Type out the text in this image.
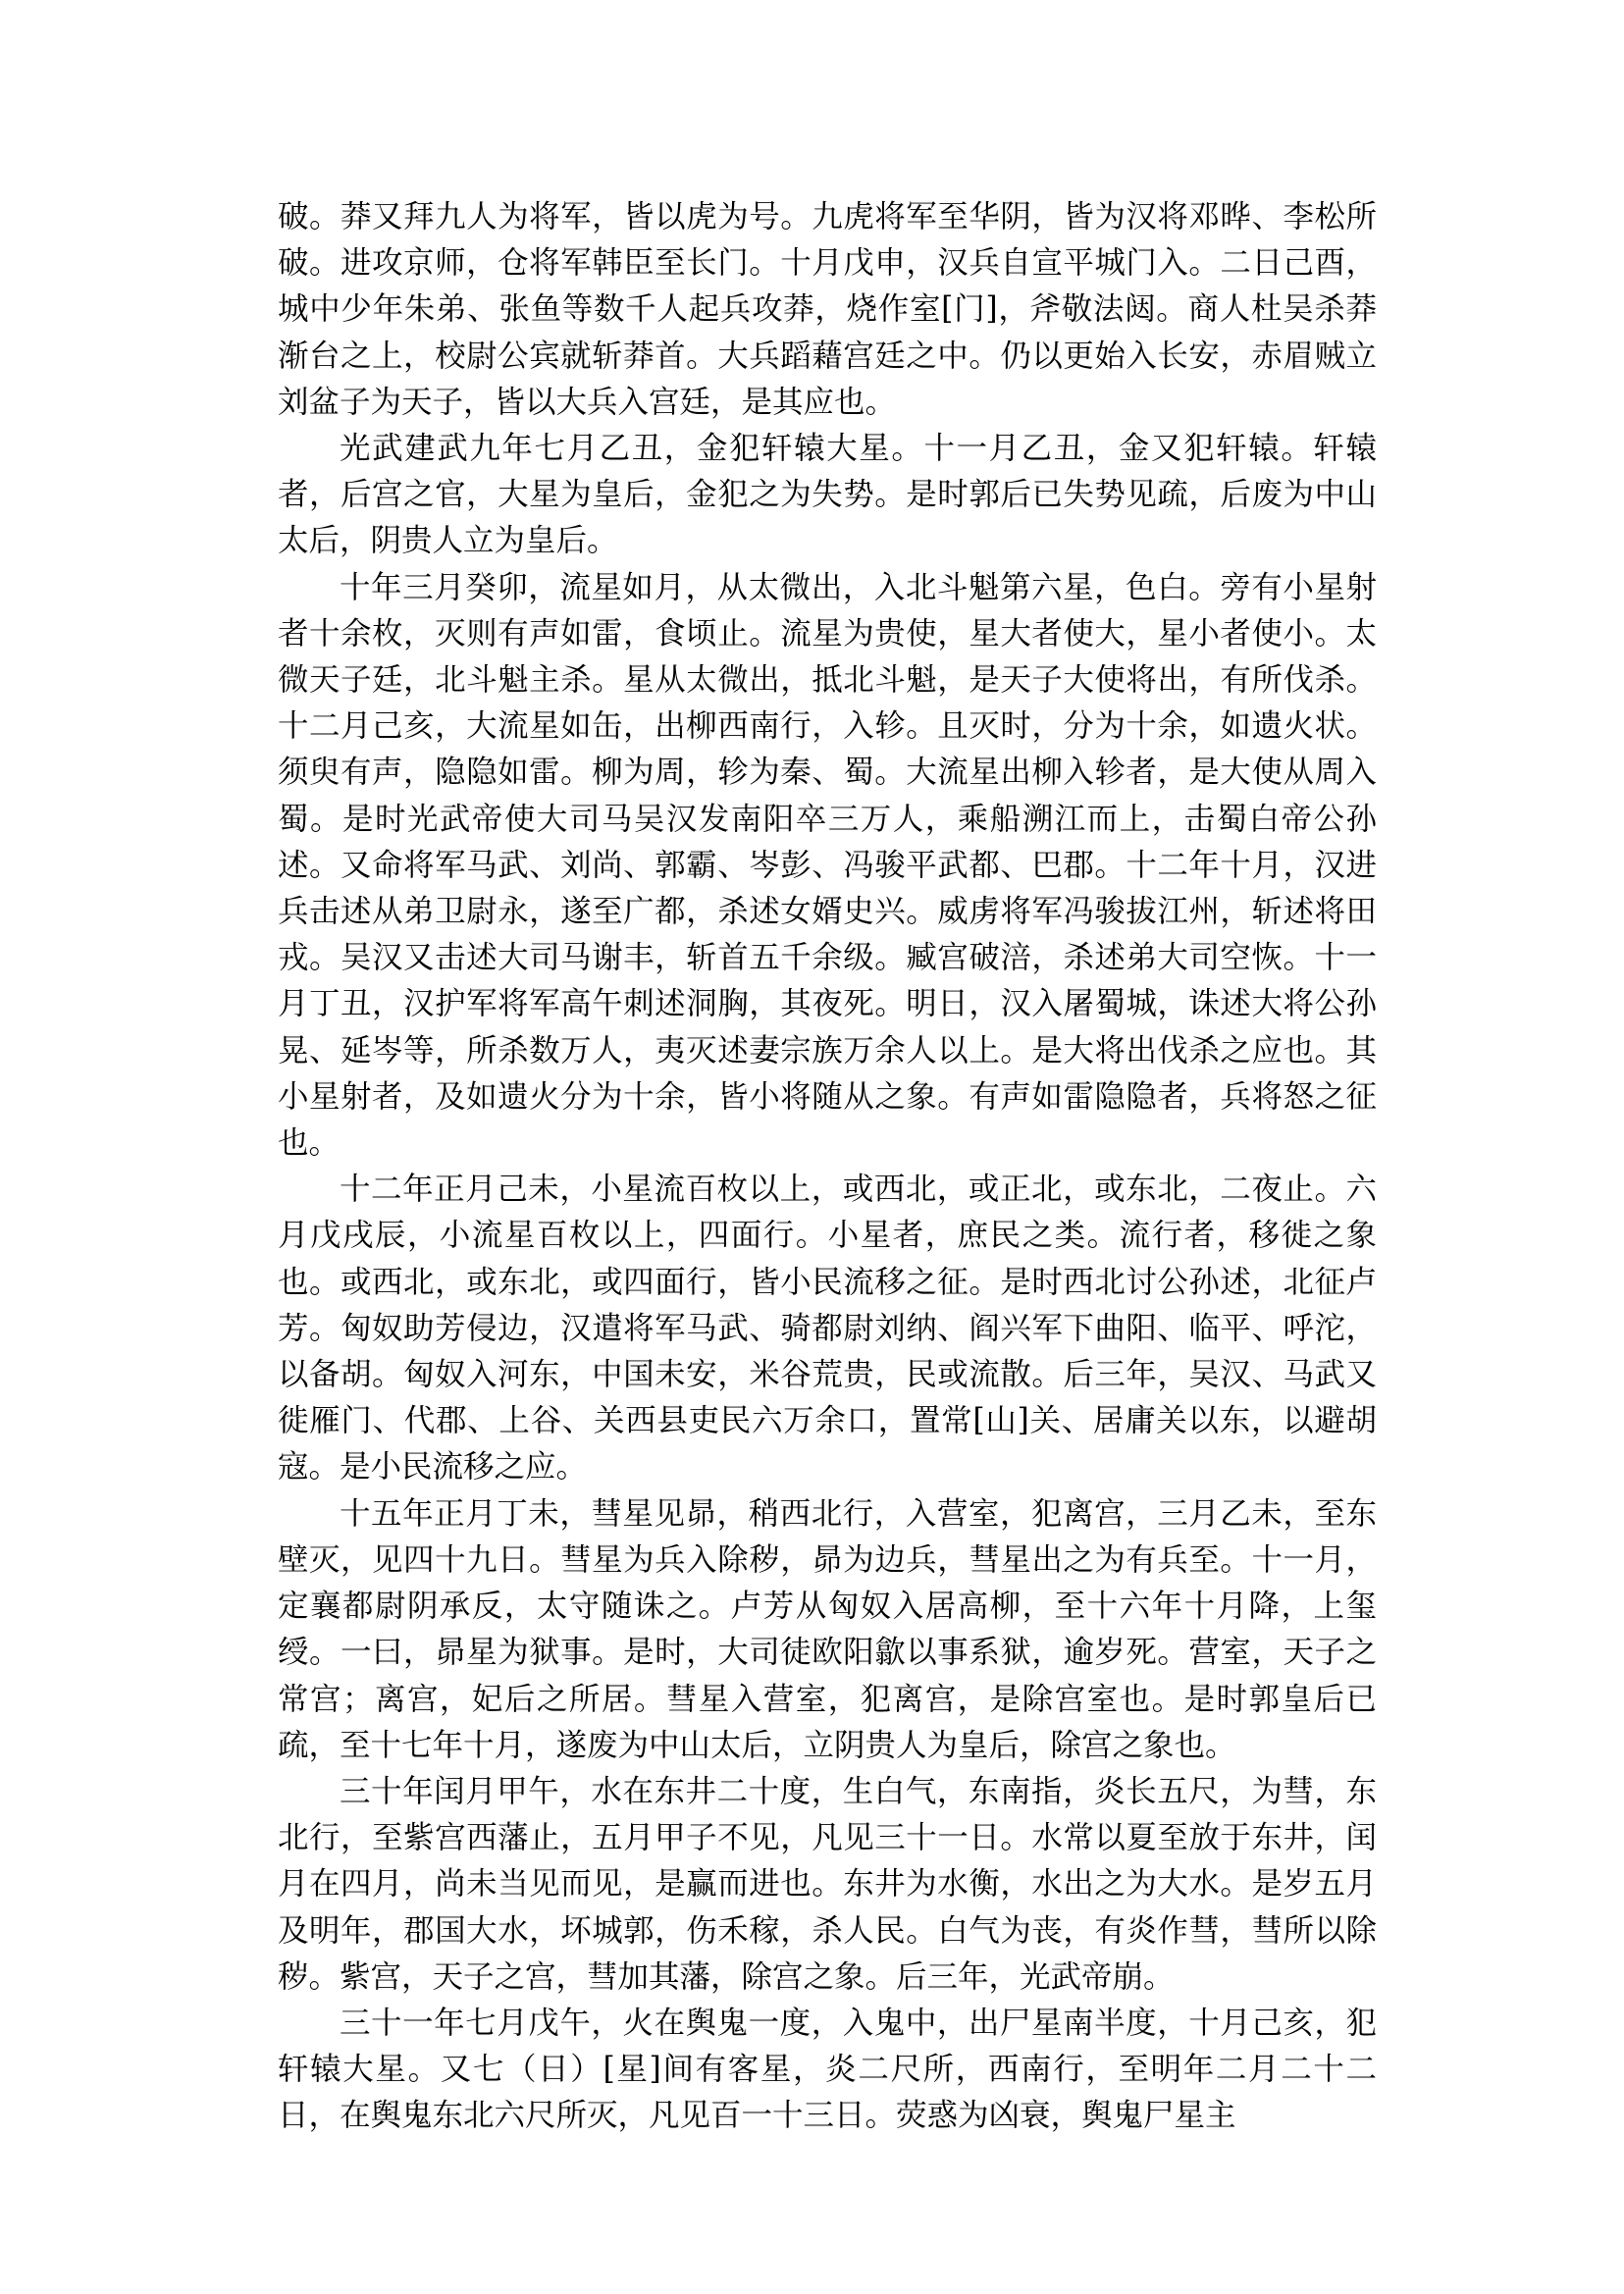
破。莽又拜九人为将军，皆以虎为号。九虎将军至华阴，皆为汉将邓晔、李松所破。进攻京师，仓将军韩臣至长门。十月戊申，汉兵自宣平城门入。二日己酉，城中少年朱弟、张鱼等数千人起兵攻莽，烧作室[门]，斧敬法闼。商人杜吴杀莽渐台之上，校尉公宾就斩莽首。大兵蹈藉宫廷之中。仍以更始入长安，赤眉贼立刘盆子为天子，皆以大兵入宫廷，是其应也。

光武建武九年七月乙丑，金犯轩辕大星。十一月乙丑，金又犯轩辕。轩辕者，后宫之官，大星为皇后，金犯之为失势。是时郭后已失势见疏，后废为中山太后，阴贵人立为皇后。

十年三月癸卯，流星如月，从太微出，入北斗魁第六星，色白。旁有小星射者十余枚，灭则有声如雷，食顷止。流星为贵使，星大者使大，星小者使小。太微天子廷，北斗魁主杀。星从太微出，抵北斗魁，是天子大使将出，有所伐杀。十二月己亥，大流星如缶，出柳西南行，入轸。且灭时，分为十余，如遗火状。须臾有声，隐隐如雷。柳为周，轸为秦、蜀。大流星出柳入轸者，是大使从周入蜀。是时光武帝使大司马吴汉发南阳卒三万人，乘船溯江而上，击蜀白帝公孙述。又命将军马武、刘尚、郭霸、岑彭、冯骏平武都、巴郡。十二年十月，汉进兵击述从弟卫尉永，遂至广都，杀述女婿史兴。威虏将军冯骏拔江州，斩述将田戎。吴汉又击述大司马谢丰，斩首五千余级。臧宫破涪，杀述弟大司空恢。十一月丁丑，汉护军将军高午刺述洞胸，其夜死。明日，汉入屠蜀城，诛述大将公孙晃、延岑等，所杀数万人，夷灭述妻宗族万余人以上。是大将出伐杀之应也。其小星射者，及如遗火分为十余，皆小将随从之象。有声如雷隐隐者，兵将怒之征也。

十二年正月己未，小星流百枚以上，或西北，或正北，或东北，二夜止。六月戊戌辰，小流星百枚以上，四面行。小星者，庶民之类。流行者，移徙之象也。或西北，或东北，或四面行，皆小民流移之征。是时西北讨公孙述，北征卢芳。匈奴助芳侵边，汉遣将军马武、骑都尉刘纳、阎兴军下曲阳、临平、呼沱，以备胡。匈奴入河东，中国未安，米谷荒贵，民或流散。后三年，吴汉、马武又徙雁门、代郡、上谷、关西县吏民六万余口，置常[山]关、居庸关以东，以避胡寇。是小民流移之应。

十五年正月丁未，彗星见昴，稍西北行，入营室，犯离宫，三月乙未，至东壁灭，见四十九日。彗星为兵入除秽，昴为边兵，彗星出之为有兵至。十一月，定襄都尉阴承反，太守随诛之。卢芳从匈奴入居高柳，至十六年十月降，上玺绶。一曰，昴星为狱事。是时，大司徒欧阳歙以事系狱，逾岁死。营室，天子之常宫；离宫，妃后之所居。彗星入营室，犯离宫，是除宫室也。是时郭皇后已疏，至十七年十月，遂废为中山太后，立阴贵人为皇后，除宫之象也。

三十年闰月甲午，水在东井二十度，生白气，东南指，炎长五尺，为彗，东北行，至紫宫西藩止，五月甲子不见，凡见三十一日。水常以夏至放于东井，闰月在四月，尚未当见而见，是赢而进也。东井为水衡，水出之为大水。是岁五月及明年，郡国大水，坏城郭，伤禾稼，杀人民。白气为丧，有炎作彗，彗所以除秽。紫宫，天子之宫，彗加其藩，除宫之象。后三年，光武帝崩。

三十一年七月戊午，火在舆鬼一度，入鬼中，出尸星南半度，十月己亥，犯轩辕大星。又七（日）[星]间有客星，炎二尺所，西南行，至明年二月二十二日，在舆鬼东北六尺所灭，凡见百一十三日。荧惑为凶衰，舆鬼尸星主
